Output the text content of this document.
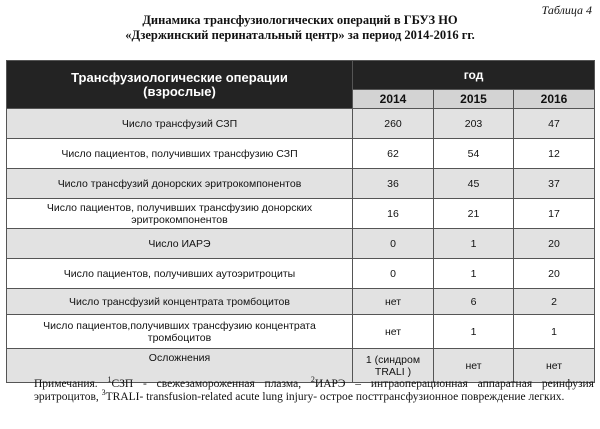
Таблица 4
Динамика трансфузиологических операций в ГБУЗ НО
«Дзержинский перинатальный центр» за период 2014-2016 гг.
Трансфузиологические операции
(взрослые)	год		
	2014	2015	2016
Число трансфузий СЗП	260	203	47
Число пациентов, получивших трансфузию СЗП	62	54	12
Число трансфузий донорских эритрокомпонентов	36	45	37
Число пациентов, получивших трансфузию донорских эритрокомпонентов	16	21	17
Число ИАРЭ	0	1	20
Число пациентов, получивших аутоэритроциты	0	1	20
Число трансфузий концентрата тромбоцитов	нет	6	2
Число пациентов,получивших трансфузию концентрата тромбоцитов	нет	1	1
Осложнения	1 (синдром TRALI )	нет	нет
Примечания. $^1$СЗП - свежезамороженная плазма, $^2$ИАРЭ – интраоперационная аппаратная реинфузия эритроцитов, $^3$TRALI- transfusion-related acute lung injury- острое посттрансфузионное повреждение легких.
